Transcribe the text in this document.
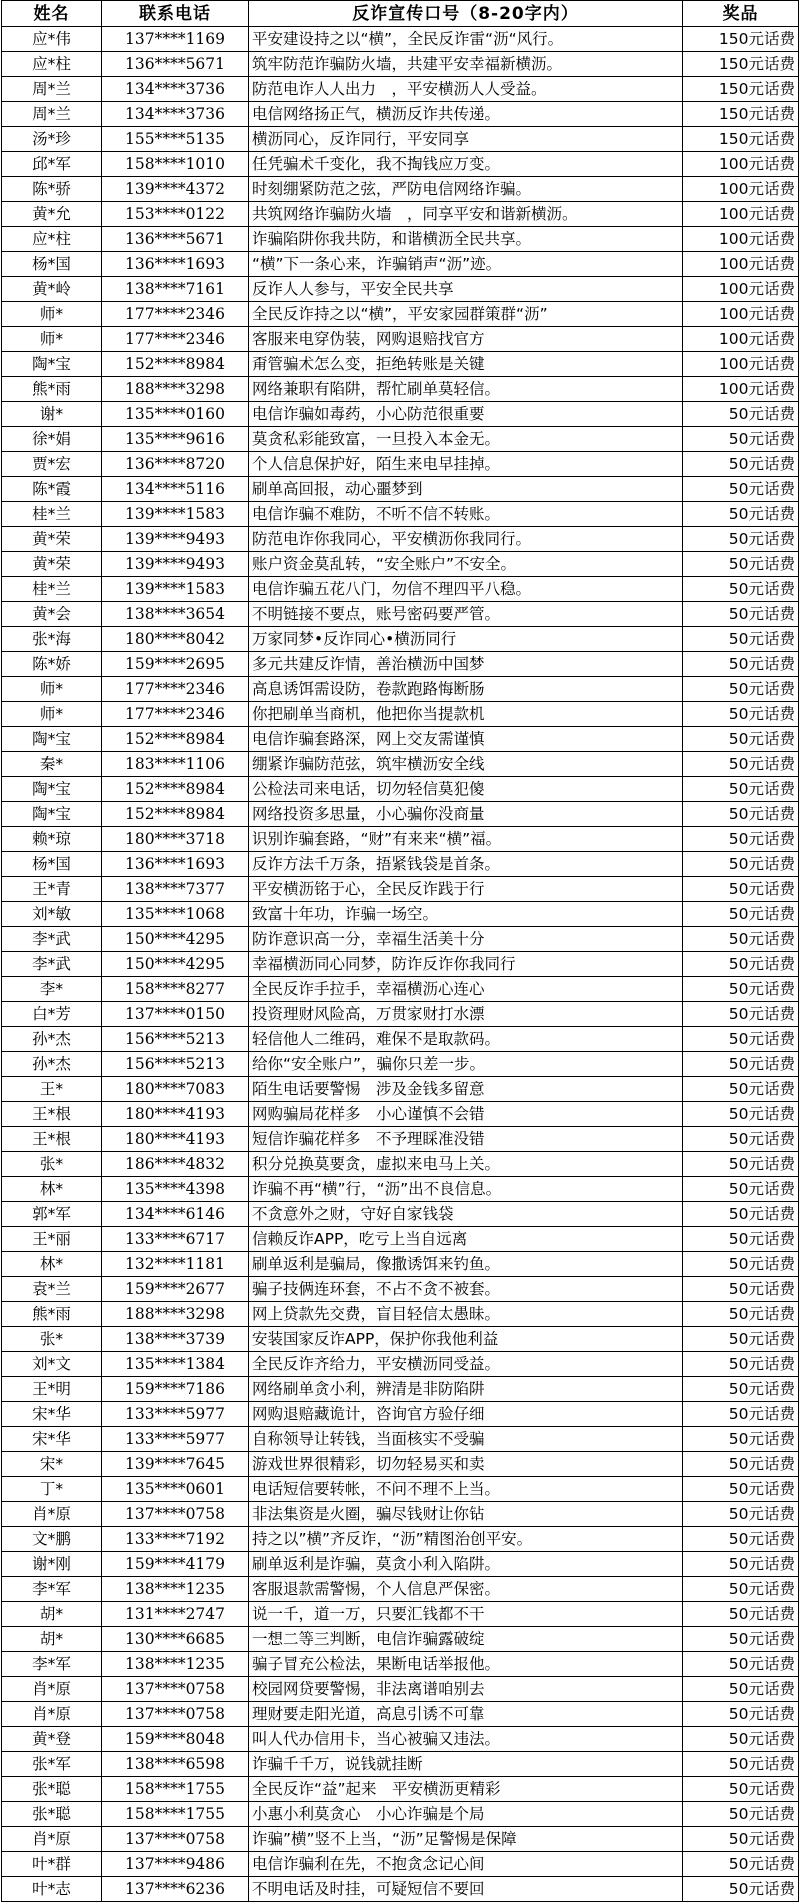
姓名	联系电话	反诈宣传口号（8-20字内）	奖品
应*伟	137****1169	平安建设持之以“横”，全民反诈雷“沥“风行。	150元话费
应*柱	136****5671	筑牢防范诈骗防火墙，共建平安幸福新横沥。	150元话费
周*兰	134****3736	防范电诈人人出力　，平安横沥人人受益。	150元话费
周*兰	134****3736	电信网络扬正气，横沥反诈共传递。	150元话费
汤*珍	155****5135	横沥同心，反诈同行，平安同享	150元话费
邱*军	158****1010	任凭骗术千变化，我不掏钱应万变。	100元话费
陈*骄	139****4372	时刻绷紧防范之弦，严防电信网络诈骗。	100元话费
黄*允	153****0122	共筑网络诈骗防火墙　，同享平安和谐新横沥。	100元话费
应*柱	136****5671	诈骗陷阱你我共防，和谐横沥全民共享。	100元话费
杨*国	136****1693	“横”下一条心来，诈骗销声“沥”迹。	100元话费
黄*岭	138****7161	反诈人人参与，平安全民共享	100元话费
师*	177****2346	全民反诈持之以“横”，平安家园群策群“沥”	100元话费
师*	177****2346	客服来电穿伪装，网购退赔找官方	100元话费
陶*宝	152****8984	甭管骗术怎么变，拒绝转账是关键	100元话费
熊*雨	188****3298	网络兼职有陷阱，帮忙刷单莫轻信。	100元话费
谢*	135****0160	电信诈骗如毒药，小心防范很重要	50元话费
徐*娟	135****9616	莫贪私彩能致富，一旦投入本金无。	50元话费
贾*宏	136****8720	个人信息保护好，陌生来电早挂掉。	50元话费
陈*霞	134****5116	刷单高回报，动心噩梦到	50元话费
桂*兰	139****1583	电信诈骗不难防，不听不信不转账。	50元话费
黄*荣	139****9493	防范电诈你我同心，平安横沥你我同行。	50元话费
黄*荣	139****9493	账户资金莫乱转，“安全账户”不安全。	50元话费
桂*兰	139****1583	电信诈骗五花八门，勿信不理四平八稳。	50元话费
黄*会	138****3654	不明链接不要点，账号密码要严管。	50元话费
张*海	180****8042	万家同梦•反诈同心•横沥同行	50元话费
陈*娇	159****2695	多元共建反诈情，善治横沥中国梦	50元话费
师*	177****2346	高息诱饵需设防，卷款跑路悔断肠	50元话费
师*	177****2346	你把刷单当商机，他把你当提款机	50元话费
陶*宝	152****8984	电信诈骗套路深，网上交友需谨慎	50元话费
秦*	183****1106	绷紧诈骗防范弦，筑牢横沥安全线	50元话费
陶*宝	152****8984	公检法司来电话，切勿轻信莫犯傻	50元话费
陶*宝	152****8984	网络投资多思量，小心骗你没商量	50元话费
赖*琼	180****3718	识别诈骗套路，“财”有来来“横”福。	50元话费
杨*国	136****1693	反诈方法千万条，捂紧钱袋是首条。	50元话费
王*青	138****7377	平安横沥铭于心，全民反诈践于行	50元话费
刘*敏	135****1068	致富十年功，诈骗一场空。	50元话费
李*武	150****4295	防诈意识高一分，幸福生活美十分	50元话费
李*武	150****4295	幸福横沥同心同梦，防诈反诈你我同行	50元话费
李*	158****8277	全民反诈手拉手，幸福横沥心连心	50元话费
白*芳	137****0150	投资理财风险高，万贯家财打水漂	50元话费
孙*杰	156****5213	轻信他人二维码，难保不是取款码。	50元话费
孙*杰	156****5213	给你“安全账户”，骗你只差一步。	50元话费
王*	180****7083	陌生电话要警惕　涉及金钱多留意	50元话费
王*根	180****4193	网购骗局花样多　小心谨慎不会错	50元话费
王*根	180****4193	短信诈骗花样多　不予理睬准没错	50元话费
张*	186****4832	积分兑换莫要贪，虚拟来电马上关。	50元话费
林*	135****4398	诈骗不再“横”行，“沥”出不良信息。	50元话费
郭*军	134****6146	不贪意外之财，守好自家钱袋	50元话费
王*丽	133****6717	信赖反诈APP，吃亏上当自远离	50元话费
林*	132****1181	刷单返利是骗局，像撒诱饵来钓鱼。	50元话费
袁*兰	159****2677	骗子技俩连环套，不占不贪不被套。	50元话费
熊*雨	188****3298	网上贷款先交费，盲目轻信太愚昧。	50元话费
张*	138****3739	安装国家反诈APP，保护你我他利益	50元话费
刘*文	135****1384	全民反诈齐给力，平安横沥同受益。	50元话费
王*明	159****7186	网络刷单贪小利，辨清是非防陷阱	50元话费
宋*华	133****5977	网购退赔藏诡计，咨询官方验仔细	50元话费
宋*华	133****5977	自称领导让转钱，当面核实不受骗	50元话费
宋*	139****7645	游戏世界很精彩，切勿轻易买和卖	50元话费
丁*	135****0601	电话短信要转帐，不问不理不上当。	50元话费
肖*原	137****0758	非法集资是火圈，骗尽钱财让你钻	50元话费
文*鹏	133****7192	持之以”横”齐反诈，“沥”精图治创平安。	50元话费
谢*刚	159****4179	刷单返利是诈骗，莫贪小利入陷阱。	50元话费
李*军	138****1235	客服退款需警惕，个人信息严保密。	50元话费
胡*	131****2747	说一千，道一万，只要汇钱都不干	50元话费
胡*	130****6685	一想二等三判断，电信诈骗露破绽	50元话费
李*军	138****1235	骗子冒充公检法，果断电话举报他。	50元话费
肖*原	137****0758	校园网贷要警惕，非法离谱咱别去	50元话费
肖*原	137****0758	理财要走阳光道，高息引诱不可靠	50元话费
黄*登	159****8048	叫人代办信用卡，当心被骗又违法。	50元话费
张*军	138****6598	诈骗千千万，说钱就挂断	50元话费
张*聪	158****1755	全民反诈“益”起来　平安横沥更精彩	50元话费
张*聪	158****1755	小惠小利莫贪心　小心诈骗是个局	50元话费
肖*原	137****0758	诈骗”横”竖不上当，“沥”足警惕是保障	50元话费
叶*群	137****9486	电信诈骗利在先，不抱贪念记心间	50元话费
叶*志	137****6236	不明电话及时挂，可疑短信不要回	50元话费
